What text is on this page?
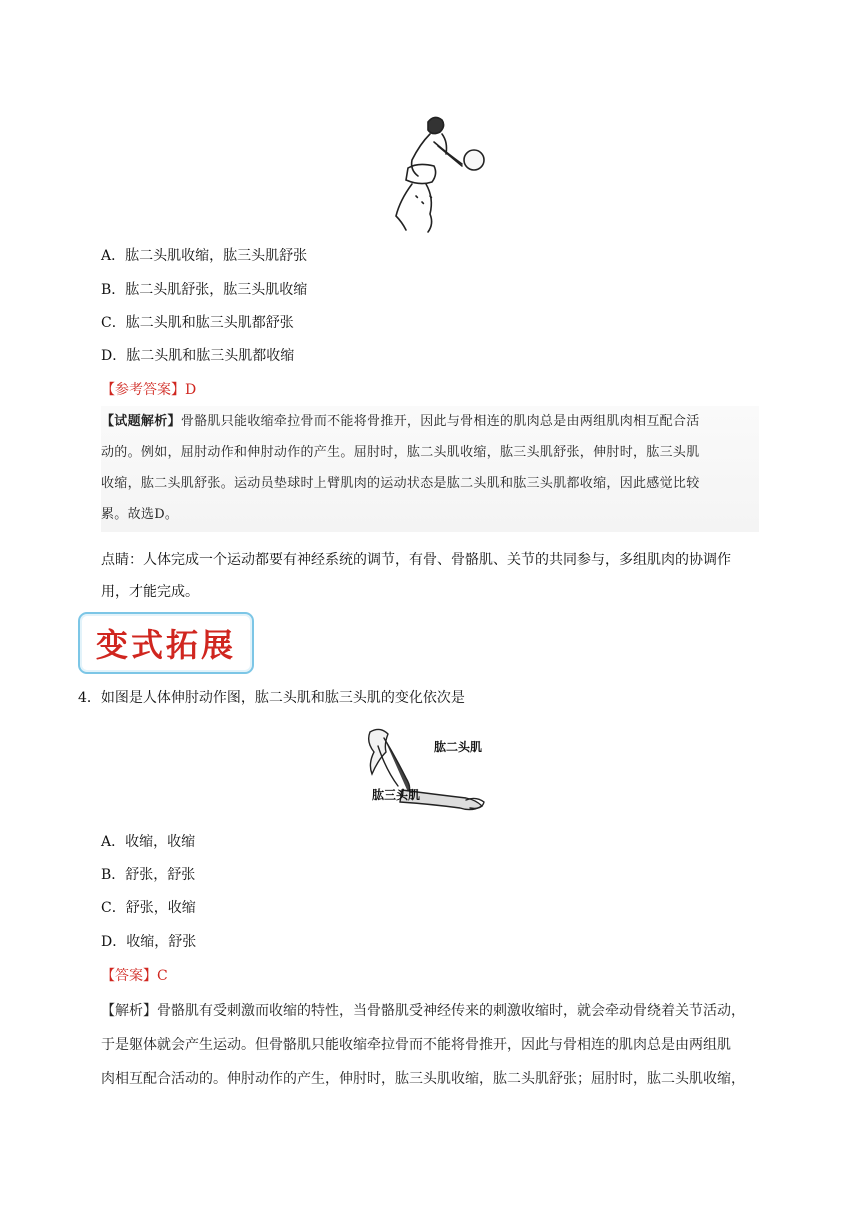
A．肱二头肌收缩，肱三头肌舒张
B．肱二头肌舒张，肱三头肌收缩
C．肱二头肌和肱三头肌都舒张
D．肱二头肌和肱三头肌都收缩
【参考答案】D
【试题解析】骨骼肌只能收缩牵拉骨而不能将骨推开，因此与骨相连的肌肉总是由两组肌肉相互配合活
动的。例如，屈肘动作和伸肘动作的产生。屈肘时，肱二头肌收缩，肱三头肌舒张，伸肘时，肱三头肌
收缩，肱二头肌舒张。运动员垫球时上臂肌肉的运动状态是肱二头肌和肱三头肌都收缩，因此感觉比较
累。故选D。
点睛：人体完成一个运动都要有神经系统的调节，有骨、骨骼肌、关节的共同参与，多组肌肉的协调作
用，才能完成。
变式拓展
4．如图是人体伸肘动作图，肱二头肌和肱三头肌的变化依次是
肱二头肌
肱三头肌
A．收缩，收缩
B．舒张，舒张
C．舒张，收缩
D．收缩，舒张
【答案】C

【解析】骨骼肌有受刺激而收缩的特性，当骨骼肌受神经传来的刺激收缩时，就会牵动骨绕着关节活动，

于是躯体就会产生运动。但骨骼肌只能收缩牵拉骨而不能将骨推开，因此与骨相连的肌肉总是由两组肌

肉相互配合活动的。伸肘动作的产生，伸肘时，肱三头肌收缩，肱二头肌舒张；屈肘时，肱二头肌收缩，
